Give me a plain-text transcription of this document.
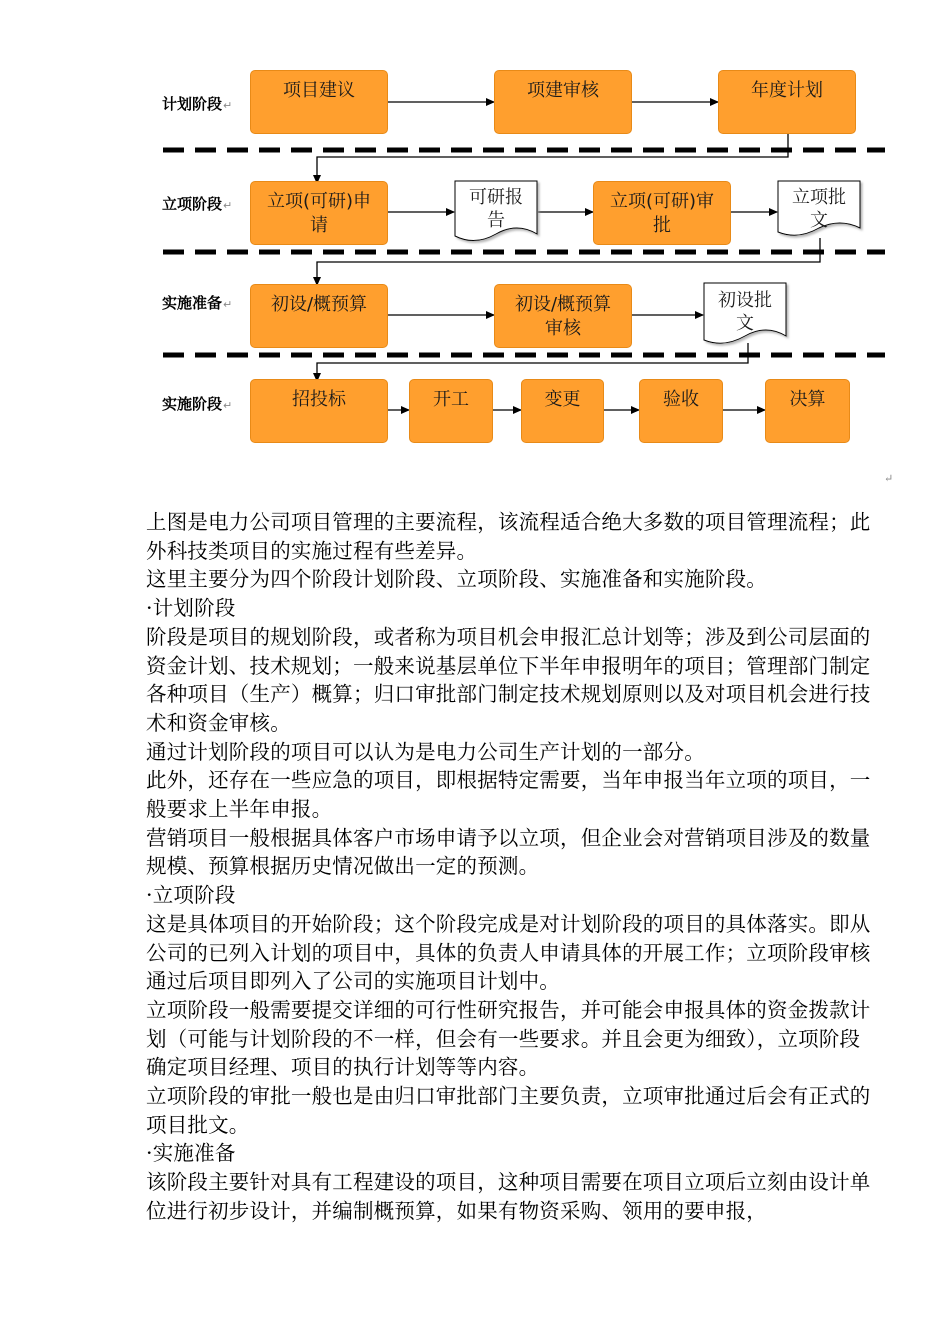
计划阶段↵
立项阶段↵
实施准备↵
实施阶段↵
项目建议	项建审核	年度计划
立项(可研)申请
可研报告
立项(可研)审批
立项批文
初设/概预算	初设/概预算审核
初设批文
招投标	开工	变更	验收	决算
↵

上图是电力公司项目管理的主要流程，该流程适合绝大多数的项目管理流程；此外科技类项目的实施过程有些差异。

这里主要分为四个阶段计划阶段、立项阶段、实施准备和实施阶段。

·计划阶段

阶段是项目的规划阶段，或者称为项目机会申报汇总计划等；涉及到公司层面的资金计划、技术规划；一般来说基层单位下半年申报明年的项目；管理部门制定各种项目（生产）概算；归口审批部门制定技术规划原则以及对项目机会进行技术和资金审核。

通过计划阶段的项目可以认为是电力公司生产计划的一部分。

此外，还存在一些应急的项目，即根据特定需要，当年申报当年立项的项目，一般要求上半年申报。

营销项目一般根据具体客户市场申请予以立项，但企业会对营销项目涉及的数量规模、预算根据历史情况做出一定的预测。

·立项阶段

这是具体项目的开始阶段；这个阶段完成是对计划阶段的项目的具体落实。即从公司的已列入计划的项目中，具体的负责人申请具体的开展工作；立项阶段审核通过后项目即列入了公司的实施项目计划中。

立项阶段一般需要提交详细的可行性研究报告，并可能会申报具体的资金拨款计划（可能与计划阶段的不一样，但会有一些要求。并且会更为细致），立项阶段确定项目经理、项目的执行计划等等内容。

立项阶段的审批一般也是由归口审批部门主要负责，立项审批通过后会有正式的项目批文。

·实施准备

该阶段主要针对具有工程建设的项目，这种项目需要在项目立项后立刻由设计单位进行初步设计，并编制概预算，如果有物资采购、领用的要申报，
